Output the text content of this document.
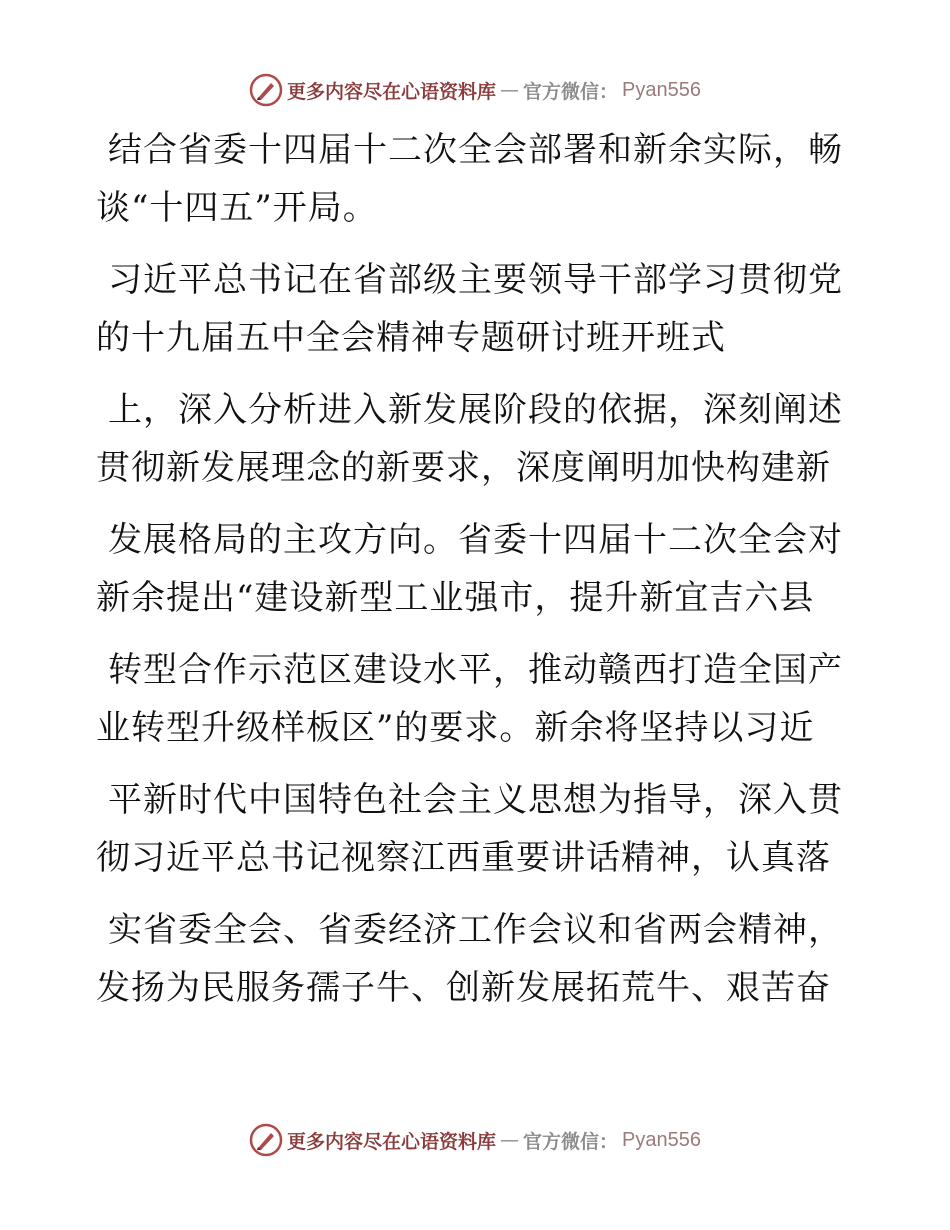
更多内容尽在心语资料库 — 官方微信： Pyan556
结合省委十四届十二次全会部署和新余实际，畅
谈“十四五”开局。
习近平总书记在省部级主要领导干部学习贯彻党
的十九届五中全会精神专题研讨班开班式
上，深入分析进入新发展阶段的依据，深刻阐述
贯彻新发展理念的新要求，深度阐明加快构建新
发展格局的主攻方向。省委十四届十二次全会对
新余提出“建设新型工业强市，提升新宜吉六县
转型合作示范区建设水平，推动赣西打造全国产
业转型升级样板区”的要求。新余将坚持以习近
平新时代中国特色社会主义思想为指导，深入贯
彻习近平总书记视察江西重要讲话精神，认真落
实省委全会、省委经济工作会议和省两会精神，
发扬为民服务孺子牛、创新发展拓荒牛、艰苦奋
更多内容尽在心语资料库 — 官方微信： Pyan556
